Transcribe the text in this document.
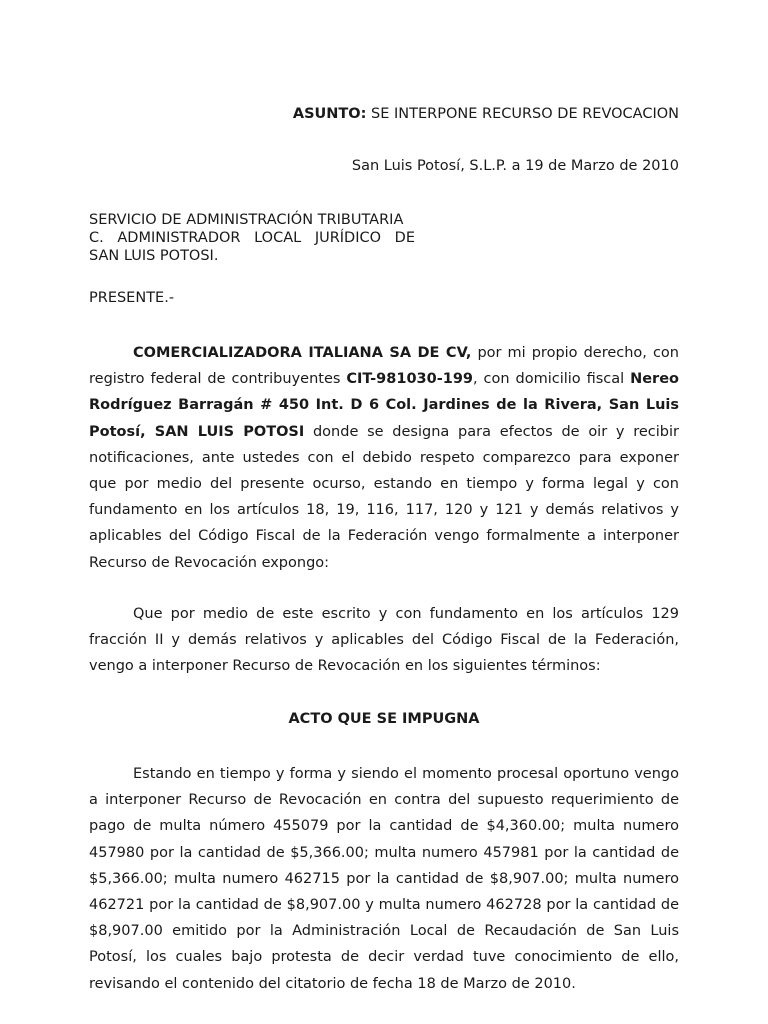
ASUNTO: SE INTERPONE RECURSO DE REVOCACION
San Luis Potosí, S.L.P. a 19 de Marzo de 2010
SERVICIO DE ADMINISTRACIÓN TRIBUTARIA
C. ADMINISTRADOR LOCAL JURÍDICO DE
SAN LUIS POTOSI.
PRESENTE.-
COMERCIALIZADORA ITALIANA SA DE CV, por mi propio derecho, con registro federal de contribuyentes CIT-981030-199, con domicilio fiscal Nereo Rodríguez Barragán # 450 Int. D 6 Col. Jardines de la Rivera, San Luis Potosí, SAN LUIS POTOSI donde se designa para efectos de oir y recibir notificaciones, ante ustedes con el debido respeto comparezco para exponer que por medio del presente ocurso, estando en tiempo y forma legal y con fundamento en los artículos 18, 19, 116, 117, 120 y 121 y demás relativos y aplicables del Código Fiscal de la Federación vengo formalmente a interponer Recurso de Revocación expongo:
Que por medio de este escrito y con fundamento en los artículos 129 fracción II y demás relativos y aplicables del Código Fiscal de la Federación, vengo a interponer Recurso de Revocación en los siguientes términos:
ACTO QUE SE IMPUGNA
Estando en tiempo y forma y siendo el momento procesal oportuno vengo a interponer Recurso de Revocación en contra del supuesto requerimiento de pago de multa número 455079 por la cantidad de $4,360.00; multa numero 457980 por la cantidad de $5,366.00; multa numero 457981 por la cantidad de $5,366.00; multa numero 462715 por la cantidad de $8,907.00; multa numero 462721 por la cantidad de $8,907.00 y multa numero 462728 por la cantidad de $8,907.00 emitido por la Administración Local de Recaudación de San Luis Potosí, los cuales bajo protesta de decir verdad tuve conocimiento de ello, revisando el contenido del citatorio de fecha 18 de Marzo de 2010.
